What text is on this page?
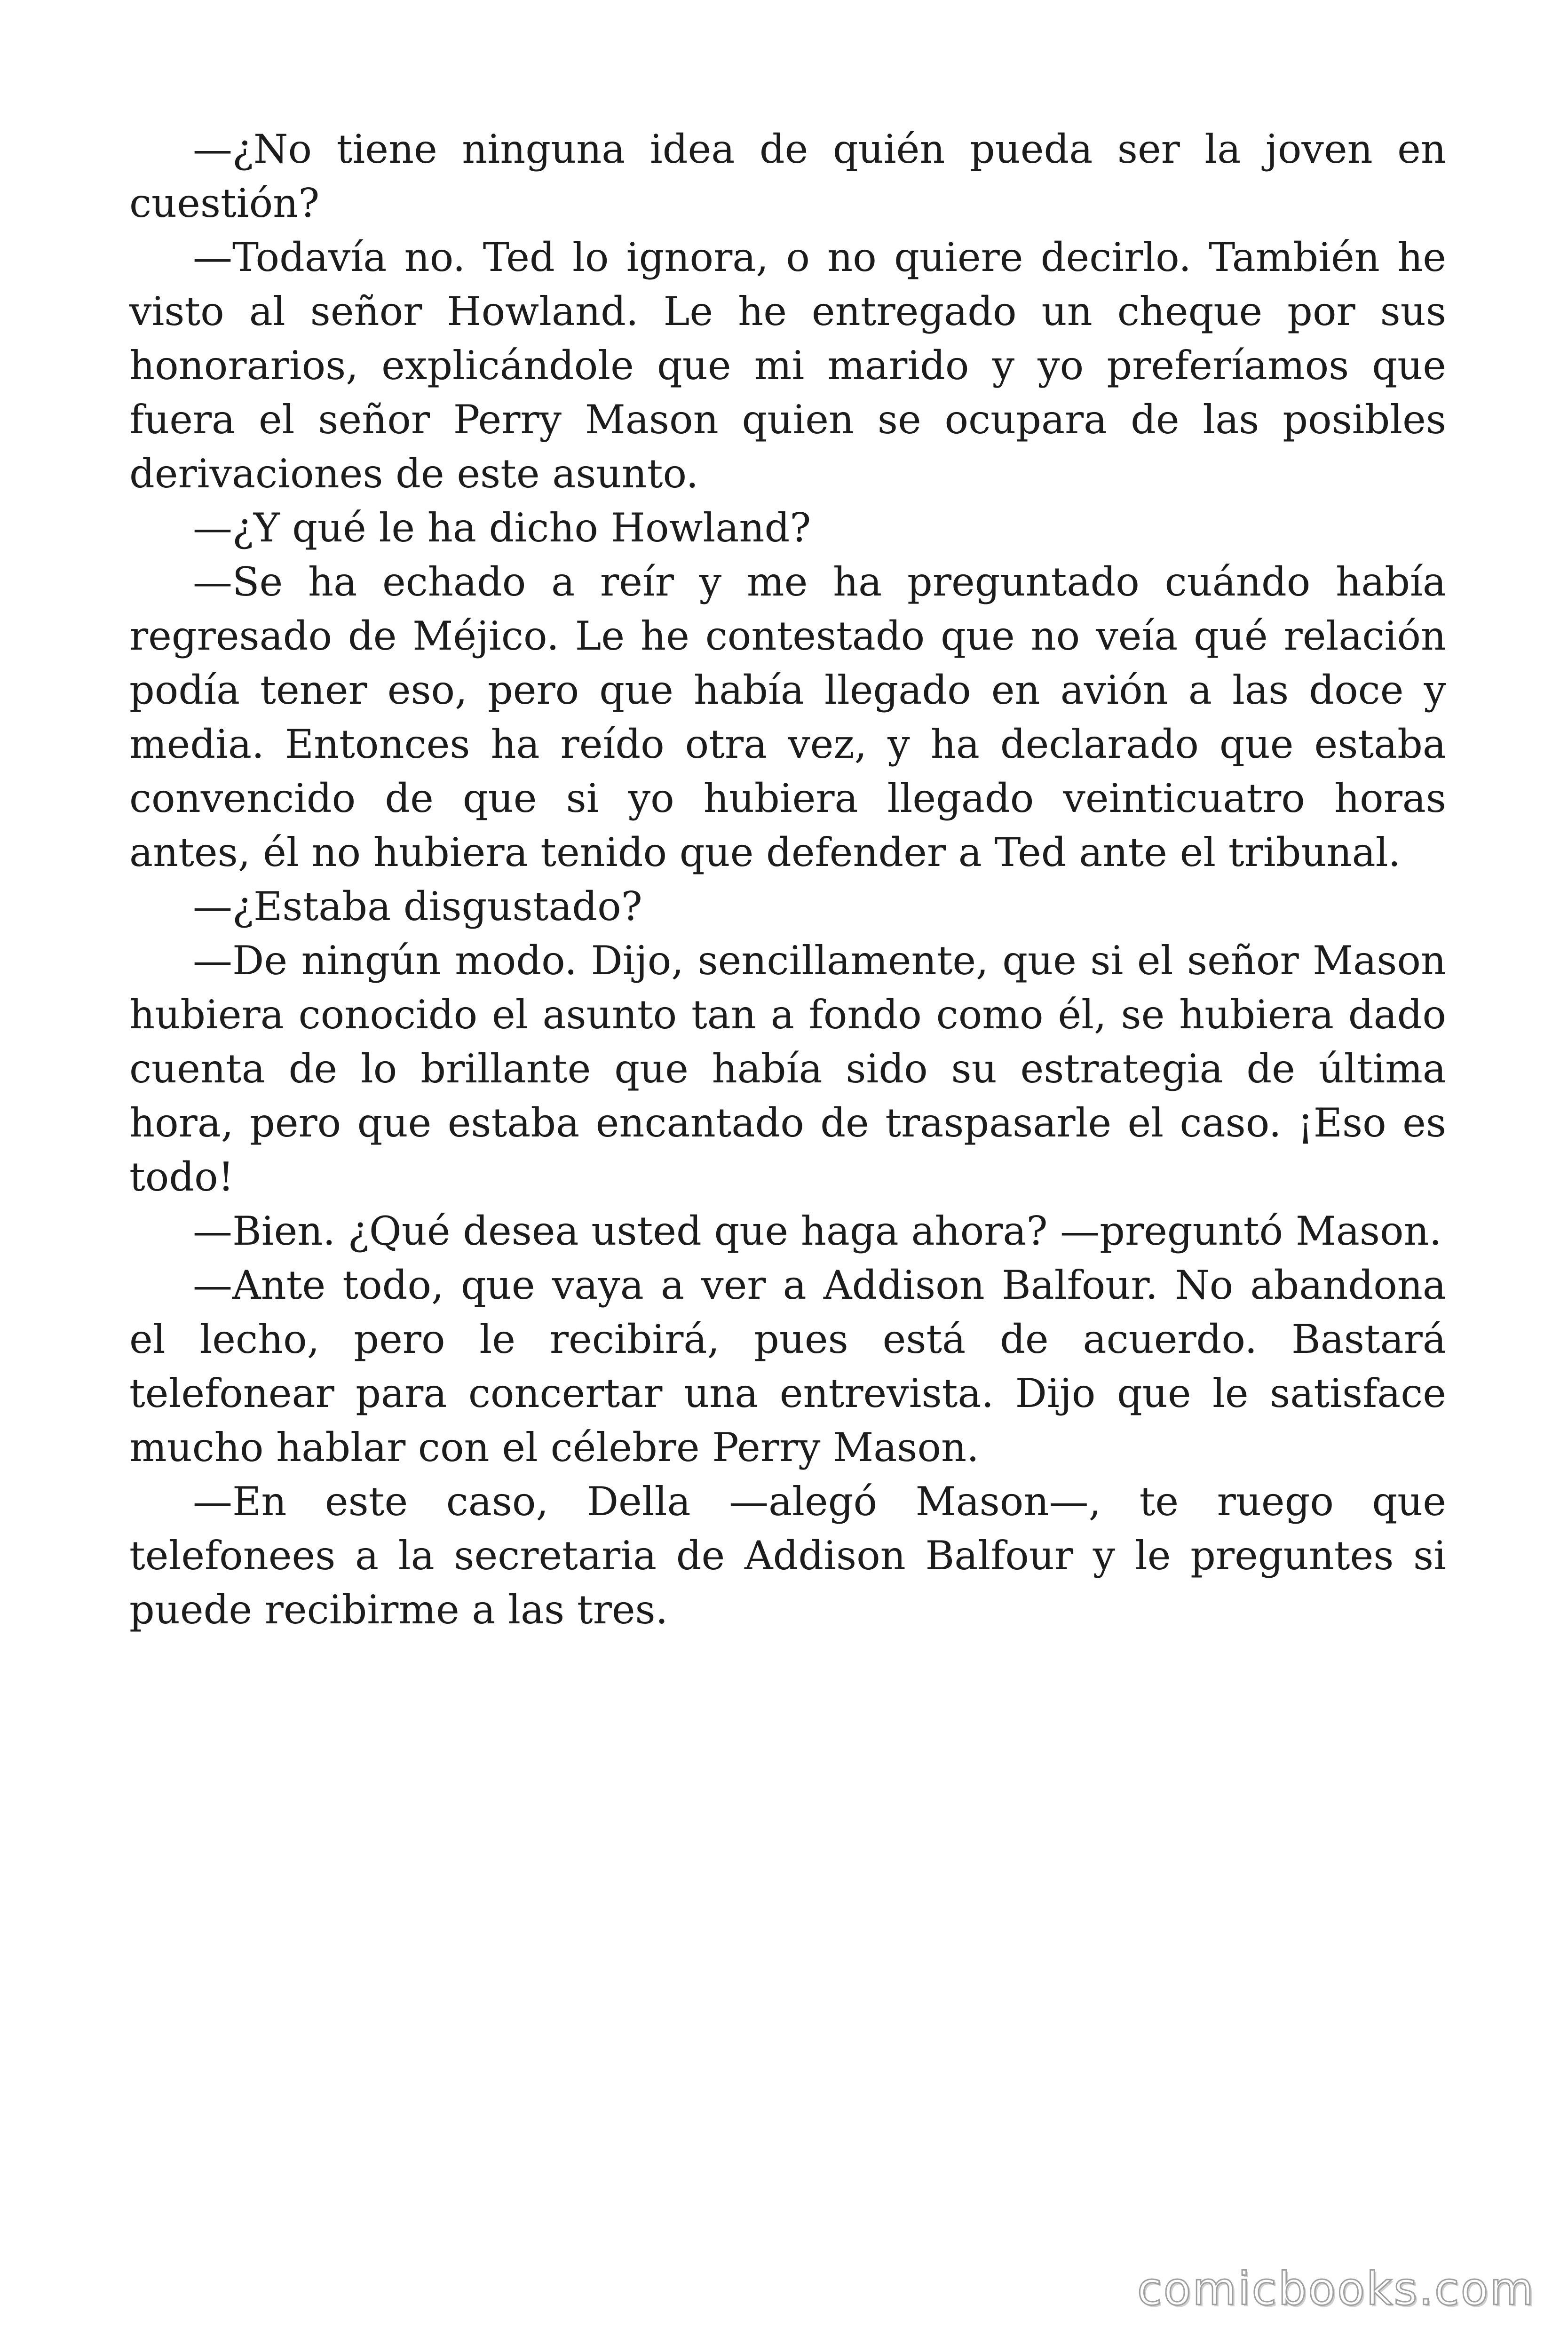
—¿No tiene ninguna idea de quién pueda ser la joven en cuestión?

—Todavía no. Ted lo ignora, o no quiere decirlo. También he visto al señor Howland. Le he entregado un cheque por sus honorarios, explicándole que mi marido y yo preferíamos que fuera el señor Perry Mason quien se ocupara de las posibles derivaciones de este asunto.

—¿Y qué le ha dicho Howland?

—Se ha echado a reír y me ha preguntado cuándo había regresado de Méjico. Le he contestado que no veía qué relación podía tener eso, pero que había llegado en avión a las doce y media. Entonces ha reído otra vez, y ha declarado que estaba convencido de que si yo hubiera llegado veinticuatro horas antes, él no hubiera tenido que defender a Ted ante el tribunal.

—¿Estaba disgustado?

—De ningún modo. Dijo, sencillamente, que si el señor Mason hubiera conocido el asunto tan a fondo como él, se hubiera dado cuenta de lo brillante que había sido su estrategia de última hora, pero que estaba encantado de traspasarle el caso. ¡Eso es todo!

—Bien. ¿Qué desea usted que haga ahora? —preguntó Mason.

—Ante todo, que vaya a ver a Addison Balfour. No abandona el lecho, pero le recibirá, pues está de acuerdo. Bastará telefonear para concertar una entrevista. Dijo que le satisface mucho hablar con el célebre Perry Mason.

—En este caso, Della —alegó Mason—, te ruego que telefonees a la secretaria de Addison Balfour y le preguntes si puede recibirme a las tres.

comicbooks.com
